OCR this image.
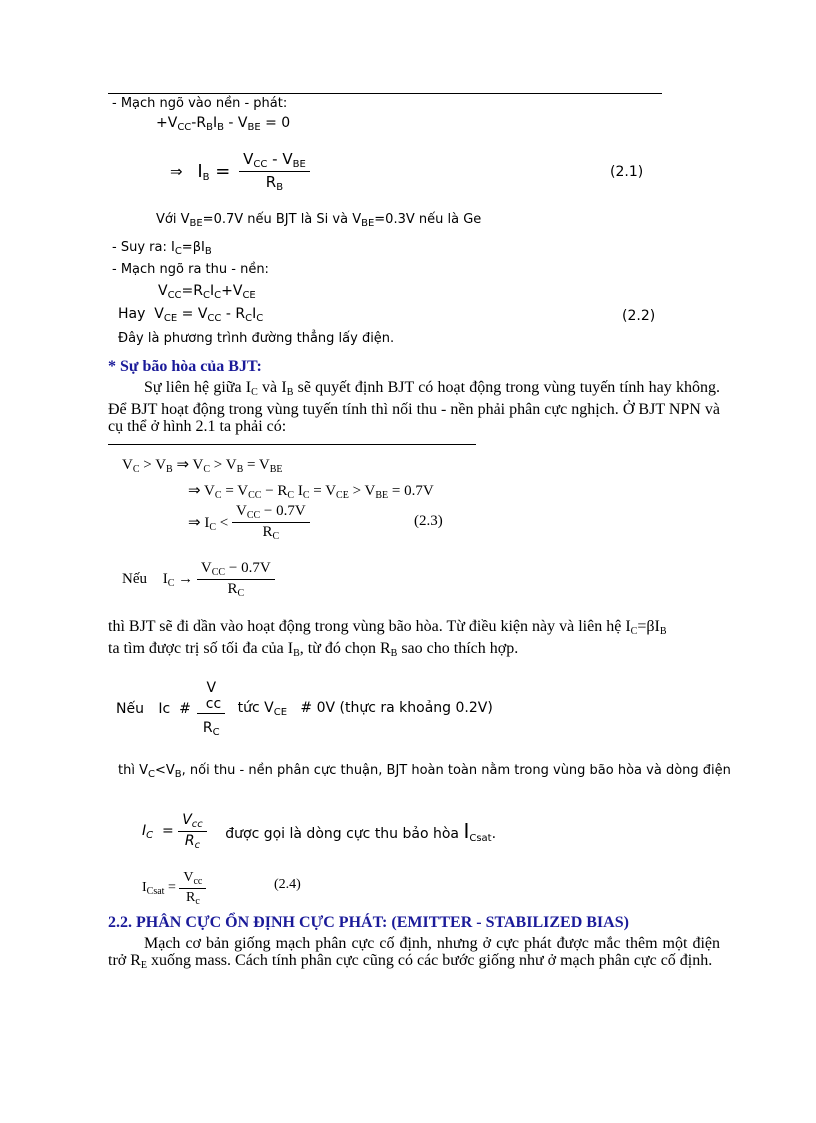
- Mạch ngõ vào nền - phát:
$+V_{CC}-R_BI_B - V_{BE} = 0$
⇒ $I_B = \frac{V_{CC} - V_{BE}}{R_B}$	(2.1)
Với $V_{BE}=0.7V$ nếu BJT là Si và $V_{BE}=0.3V$ nếu là Ge
- Suy ra: $I_C=\beta I_B$
- Mạch ngõ ra thu - nền:
$V_{CC}=R_CI_C+V_{CE}$
Hay  $V_{CE} = V_{CC} - R_CI_C$	(2.2)
Đây là phương trình đường thẳng lấy điện.
* Sự bão hòa của BJT:
Sự liên hệ giữa $I_C$ và $I_B$ sẽ quyết định BJT có hoạt động trong vùng tuyến tính hay không. Để BJT hoạt động trong vùng tuyến tính thì nối thu - nền phải phân cực nghịch. Ở BJT NPN và cụ thể ở hình 2.1 ta phải có:
$V_C > V_B$ ⇒ $V_C > V_B = V_{BE}$
⇒ $V_C = V_{CC} - R_C$ $I_C = V_{CE} > V_{BE} = 0.7V$
⇒ $I_C < \frac{V_{CC} - 0.7V}{R_C}$	(2.3)
Nếu $I_C \to \frac{V_{CC} - 0.7V}{R_C}$
thì BJT sẽ đi dần vào hoạt động trong vùng bão hòa. Từ điều kiện này và liên hệ $I_C=\beta I_B$
ta tìm được trị số tối đa của $I_B$, từ đó chọn $R_B$ sao cho thích hợp.
Nếu Ic  #
V
cc
$R_C$
tức $V_{CE}$ # 0V (thực ra khoảng 0.2V)
thì $V_C<V_B$, nối thu - nền phân cực thuận, BJT hoàn toàn nằm trong vùng bão hòa và dòng điện
$I_C = \frac{V_{cc}}{R_c}$ được gọi là dòng cực thu bảo hòa $I_{Csat}$.
$I_{Csat} = \frac{V_{cc}}{R_c}$	(2.4)
2.2. PHÂN CỰC ỔN ĐỊNH CỰC PHÁT: (EMITTER - STABILIZED BIAS)
Mạch cơ bản giống mạch phân cực cố định, nhưng ở cực phát được mắc thêm một điện trở $R_E$ xuống mass. Cách tính phân cực cũng có các bước giống như ở mạch phân cực cố định.
